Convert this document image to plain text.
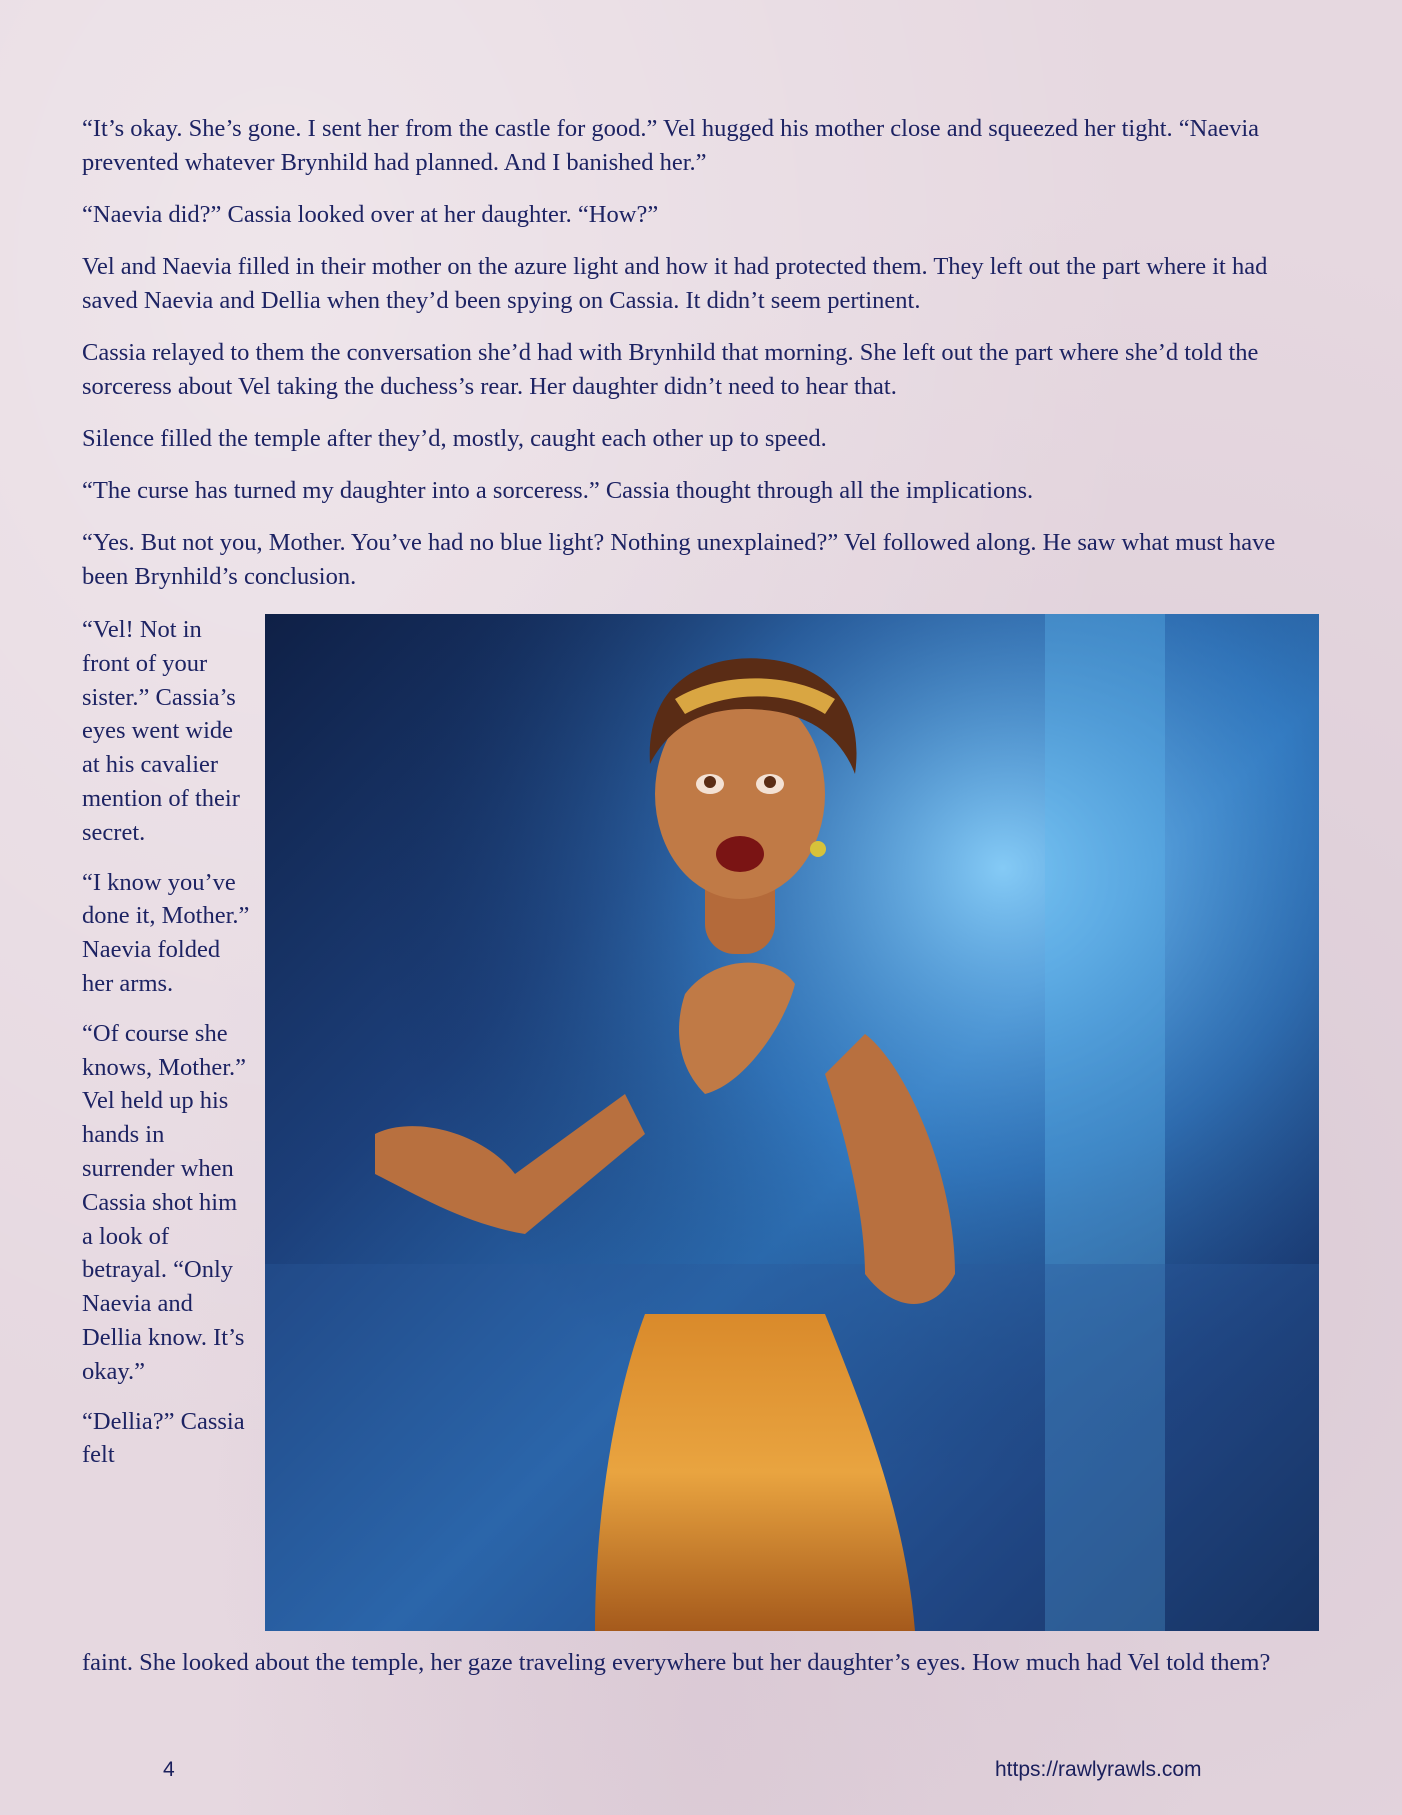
“It’s okay. She’s gone. I sent her from the castle for good.” Vel hugged his mother close and squeezed her tight. “Naevia prevented whatever Brynhild had planned. And I banished her.”

“Naevia did?” Cassia looked over at her daughter. “How?”

Vel and Naevia filled in their mother on the azure light and how it had protected them. They left out the part where it had saved Naevia and Dellia when they’d been spying on Cassia. It didn’t seem pertinent.

Cassia relayed to them the conversation she’d had with Brynhild that morning. She left out the part where she’d told the sorceress about Vel taking the duchess’s rear. Her daughter didn’t need to hear that.

Silence filled the temple after they’d, mostly, caught each other up to speed.

“The curse has turned my daughter into a sorceress.” Cassia thought through all the implications.

“Yes. But not you, Mother. You’ve had no blue light? Nothing unexplained?” Vel followed along. He saw what must have been Brynhild’s conclusion.

“Vel! Not in front of your sister.” Cassia’s eyes went wide at his cavalier mention of their secret.

“I know you’ve done it, Mother.” Naevia folded her arms.

“Of course she knows, Mother.” Vel held up his hands in surrender when Cassia shot him a look of betrayal. “Only Naevia and Dellia know. It’s okay.”

“Dellia?” Cassia felt

faint. She looked about the temple, her gaze traveling everywhere but her daughter’s eyes. How much had Vel told them?

4	https://rawlyrawls.com
